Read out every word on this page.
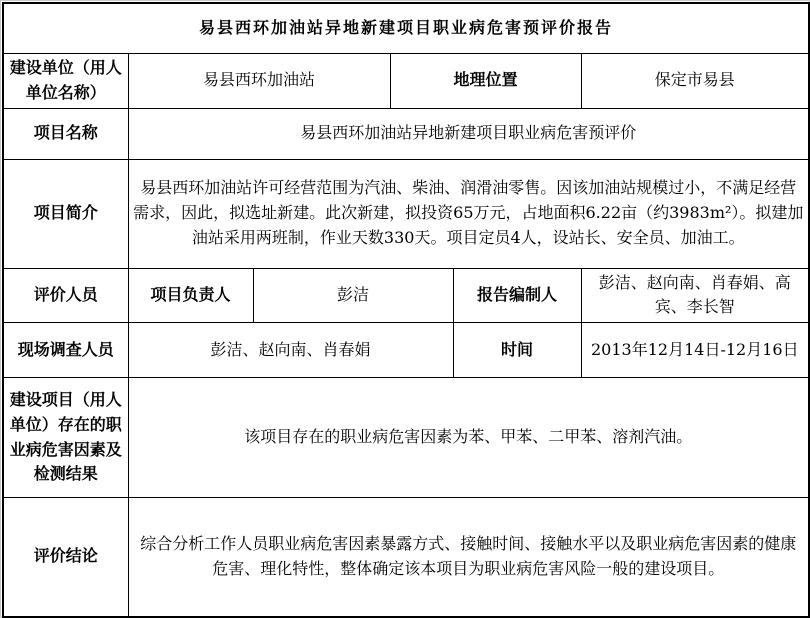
易县西环加油站异地新建项目职业病危害预评价报告					
建设单位（用人单位名称）	易县西环加油站		地理位置		保定市易县
项目名称	易县西环加油站异地新建项目职业病危害预评价				
项目简介	易县西环加油站许可经营范围为汽油、柴油、润滑油零售。因该加油站规模过小，不满足经营需求，因此，拟选址新建。此次新建，拟投资65万元，占地面积6.22亩（约3983m²）。拟建加油站采用两班制，作业天数330天。项目定员4人，设站长、安全员、加油工。				
评价人员	项目负责人	彭洁		报告编制人	彭洁、赵向南、肖春娟、高宾、李长智
现场调查人员	彭洁、赵向南、肖春娟			时间	2013年12月14日-12月16日
建设项目（用人单位）存在的职业病危害因素及检测结果	该项目存在的职业病危害因素为苯、甲苯、二甲苯、溶剂汽油。				
评价结论	综合分析工作人员职业病危害因素暴露方式、接触时间、接触水平以及职业病危害因素的健康危害、理化特性，整体确定该本项目为职业病危害风险一般的建设项目。				
